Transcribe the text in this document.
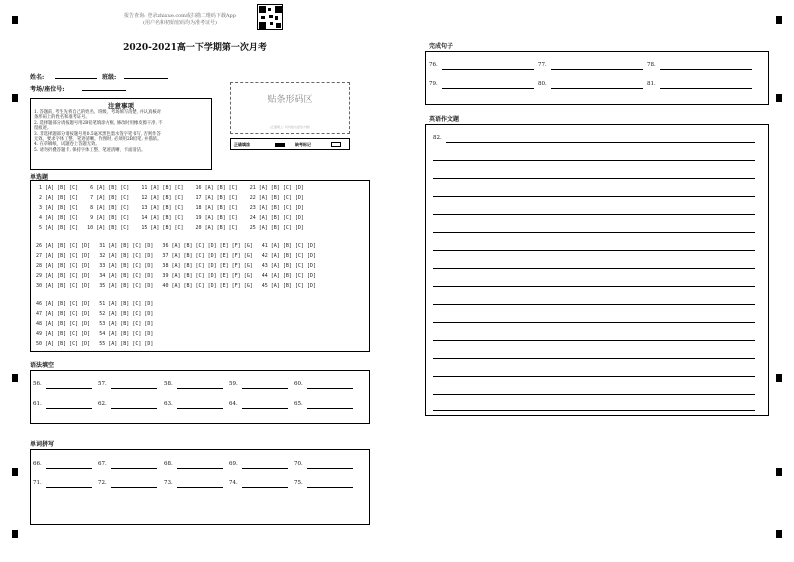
报告查询: 登录zhixue.com或扫描二维码下载App
(用户名和初始密码均为准考证号)
2020-2021高一下学期第一次月考
姓名:	班级:
考场/座位号:
注意事项
1. 答题前, 考生先将自己的姓名、班级、考场填写清楚, 并认真核对
条形码上的姓名和准考证号。
2. 选择题部分请按题号用2B铅笔填涂方框, 修改时用橡皮擦干净, 不
留痕迹。
3. 非选择题部分请按题号用0.5毫米黑色墨水签字笔书写, 否则作答
无效。要求字体工整、笔迹清晰。作图时, 必须用2B铅笔, 并描浓。
4. 在草稿纸、试题卷上答题无效。
5. 请勿折叠答题卡, 保持字体工整、笔迹清晰、卡面清洁。
贴条形码区
(正面朝上, 切勿贴出虚线方框)
正确填涂	缺考标记
单选题
1 [A] [B] [C]    6 [A] [B] [C]    11 [A] [B] [C]    16 [A] [B] [C]    21 [A] [B] [C] [D]
2 [A] [B] [C]    7 [A] [B] [C]    12 [A] [B] [C]    17 [A] [B] [C]    22 [A] [B] [C] [D]
3 [A] [B] [C]    8 [A] [B] [C]    13 [A] [B] [C]    18 [A] [B] [C]    23 [A] [B] [C] [D]
4 [A] [B] [C]    9 [A] [B] [C]    14 [A] [B] [C]    19 [A] [B] [C]    24 [A] [B] [C] [D]
5 [A] [B] [C]   10 [A] [B] [C]    15 [A] [B] [C]    20 [A] [B] [C]    25 [A] [B] [C] [D]
26 [A] [B] [C] [D]   31 [A] [B] [C] [D]   36 [A] [B] [C] [D] [E] [F] [G]   41 [A] [B] [C] [D]
27 [A] [B] [C] [D]   32 [A] [B] [C] [D]   37 [A] [B] [C] [D] [E] [F] [G]   42 [A] [B] [C] [D]
28 [A] [B] [C] [D]   33 [A] [B] [C] [D]   38 [A] [B] [C] [D] [E] [F] [G]   43 [A] [B] [C] [D]
29 [A] [B] [C] [D]   34 [A] [B] [C] [D]   39 [A] [B] [C] [D] [E] [F] [G]   44 [A] [B] [C] [D]
30 [A] [B] [C] [D]   35 [A] [B] [C] [D]   40 [A] [B] [C] [D] [E] [F] [G]   45 [A] [B] [C] [D]
46 [A] [B] [C] [D]   51 [A] [B] [C] [D]
47 [A] [B] [C] [D]   52 [A] [B] [C] [D]
48 [A] [B] [C] [D]   53 [A] [B] [C] [D]
49 [A] [B] [C] [D]   54 [A] [B] [C] [D]
50 [A] [B] [C] [D]   55 [A] [B] [C] [D]
语法填空
56.	57.	58.	59.	60.
61.	62.	63.	64.	65.
单词拼写
66.	67.	68.	69.	70.
71.	72.	73.	74.	75.
完成句子
76.	77.	78.
79.	80.	81.
英语作文题
82.
